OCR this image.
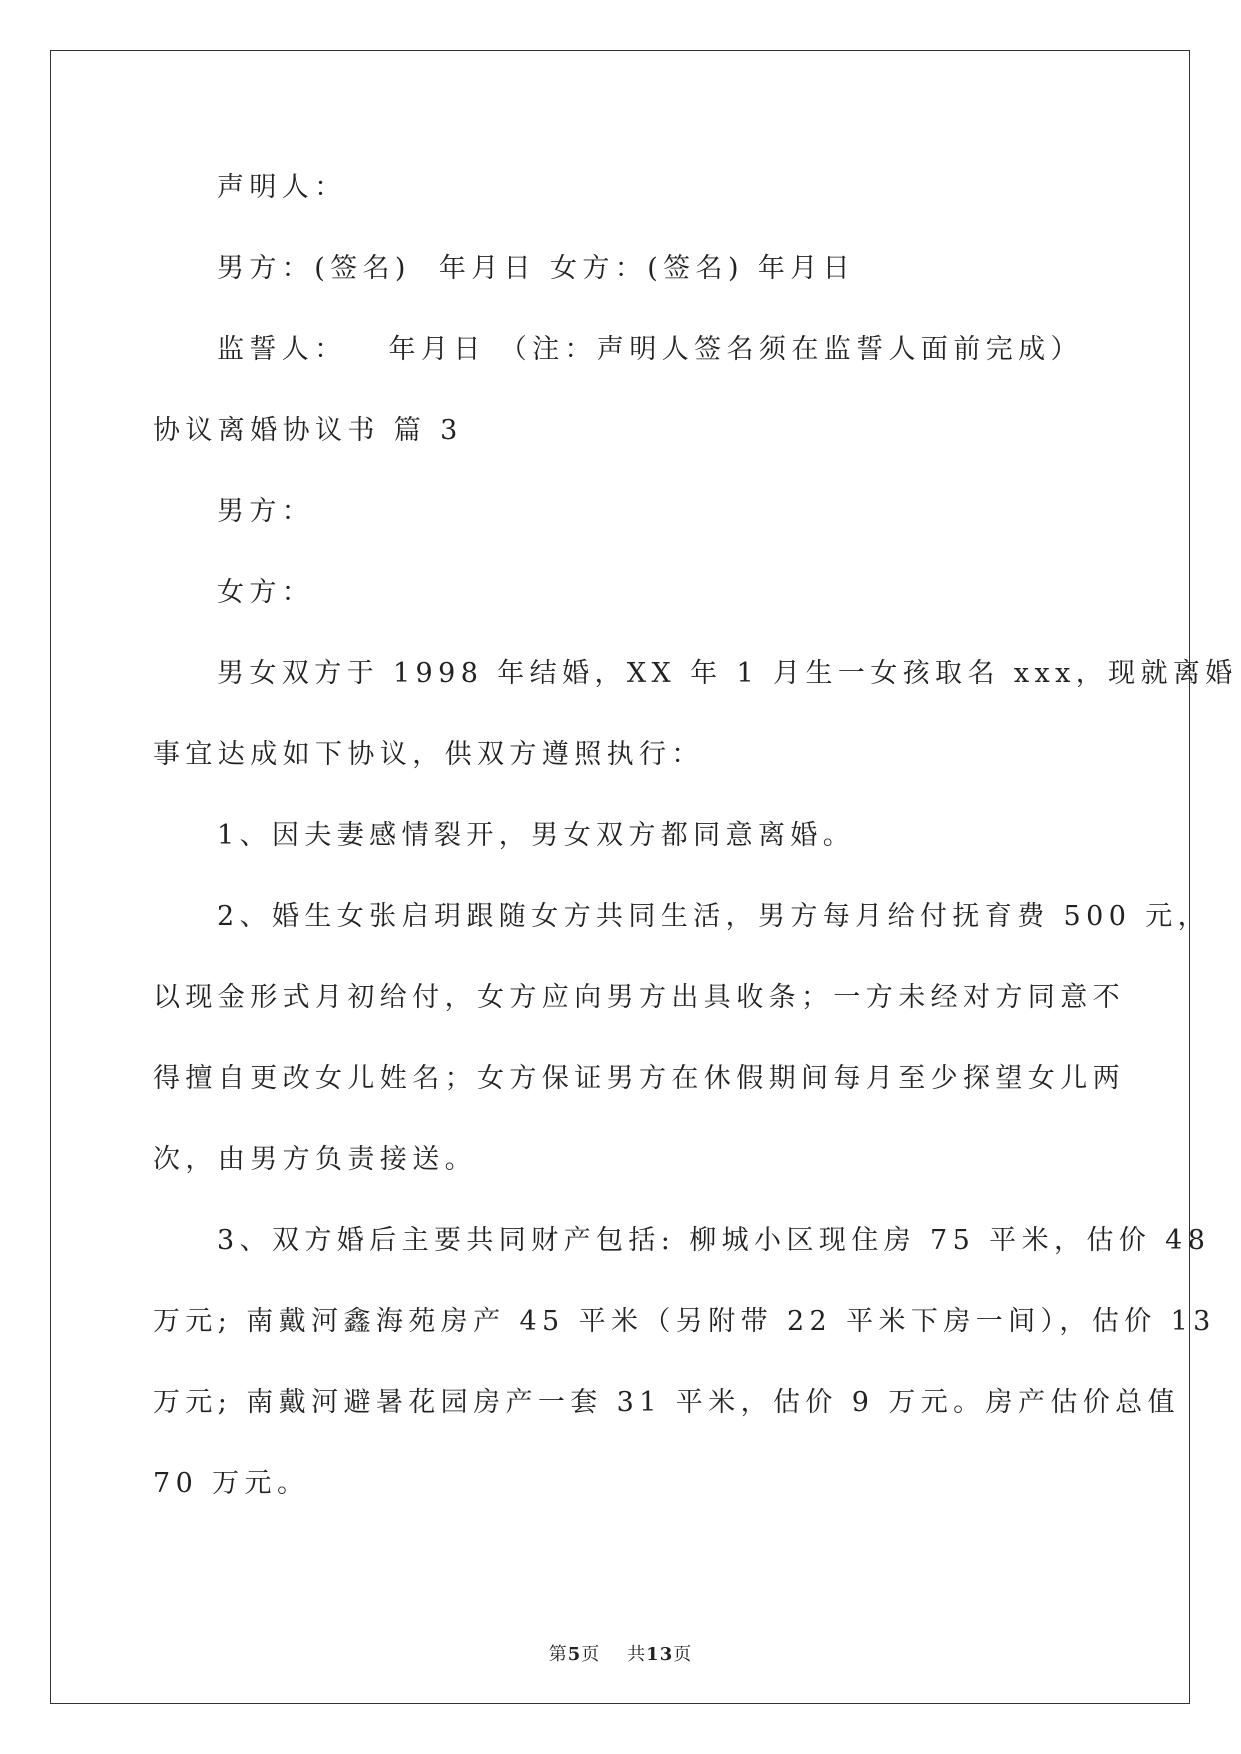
声明人：

男方：(签名)  年月日 女方：(签名) 年月日

监誓人：   年月日 （注：声明人签名须在监誓人面前完成）

协议离婚协议书 篇 3

男方：

女方：

男女双方于 1998 年结婚，XX 年 1 月生一女孩取名 xxx，现就离婚

事宜达成如下协议，供双方遵照执行：

1、因夫妻感情裂开，男女双方都同意离婚。

2、婚生女张启玥跟随女方共同生活，男方每月给付抚育费 500 元，

以现金形式月初给付，女方应向男方出具收条；一方未经对方同意不

得擅自更改女儿姓名；女方保证男方在休假期间每月至少探望女儿两

次，由男方负责接送。

3、双方婚后主要共同财产包括: 柳城小区现住房 75 平米，估价 48

万元; 南戴河鑫海苑房产 45 平米（另附带 22 平米下房一间），估价 13

万元; 南戴河避暑花园房产一套 31 平米，估价 9 万元。房产估价总值

70 万元。

第5页 共13页
